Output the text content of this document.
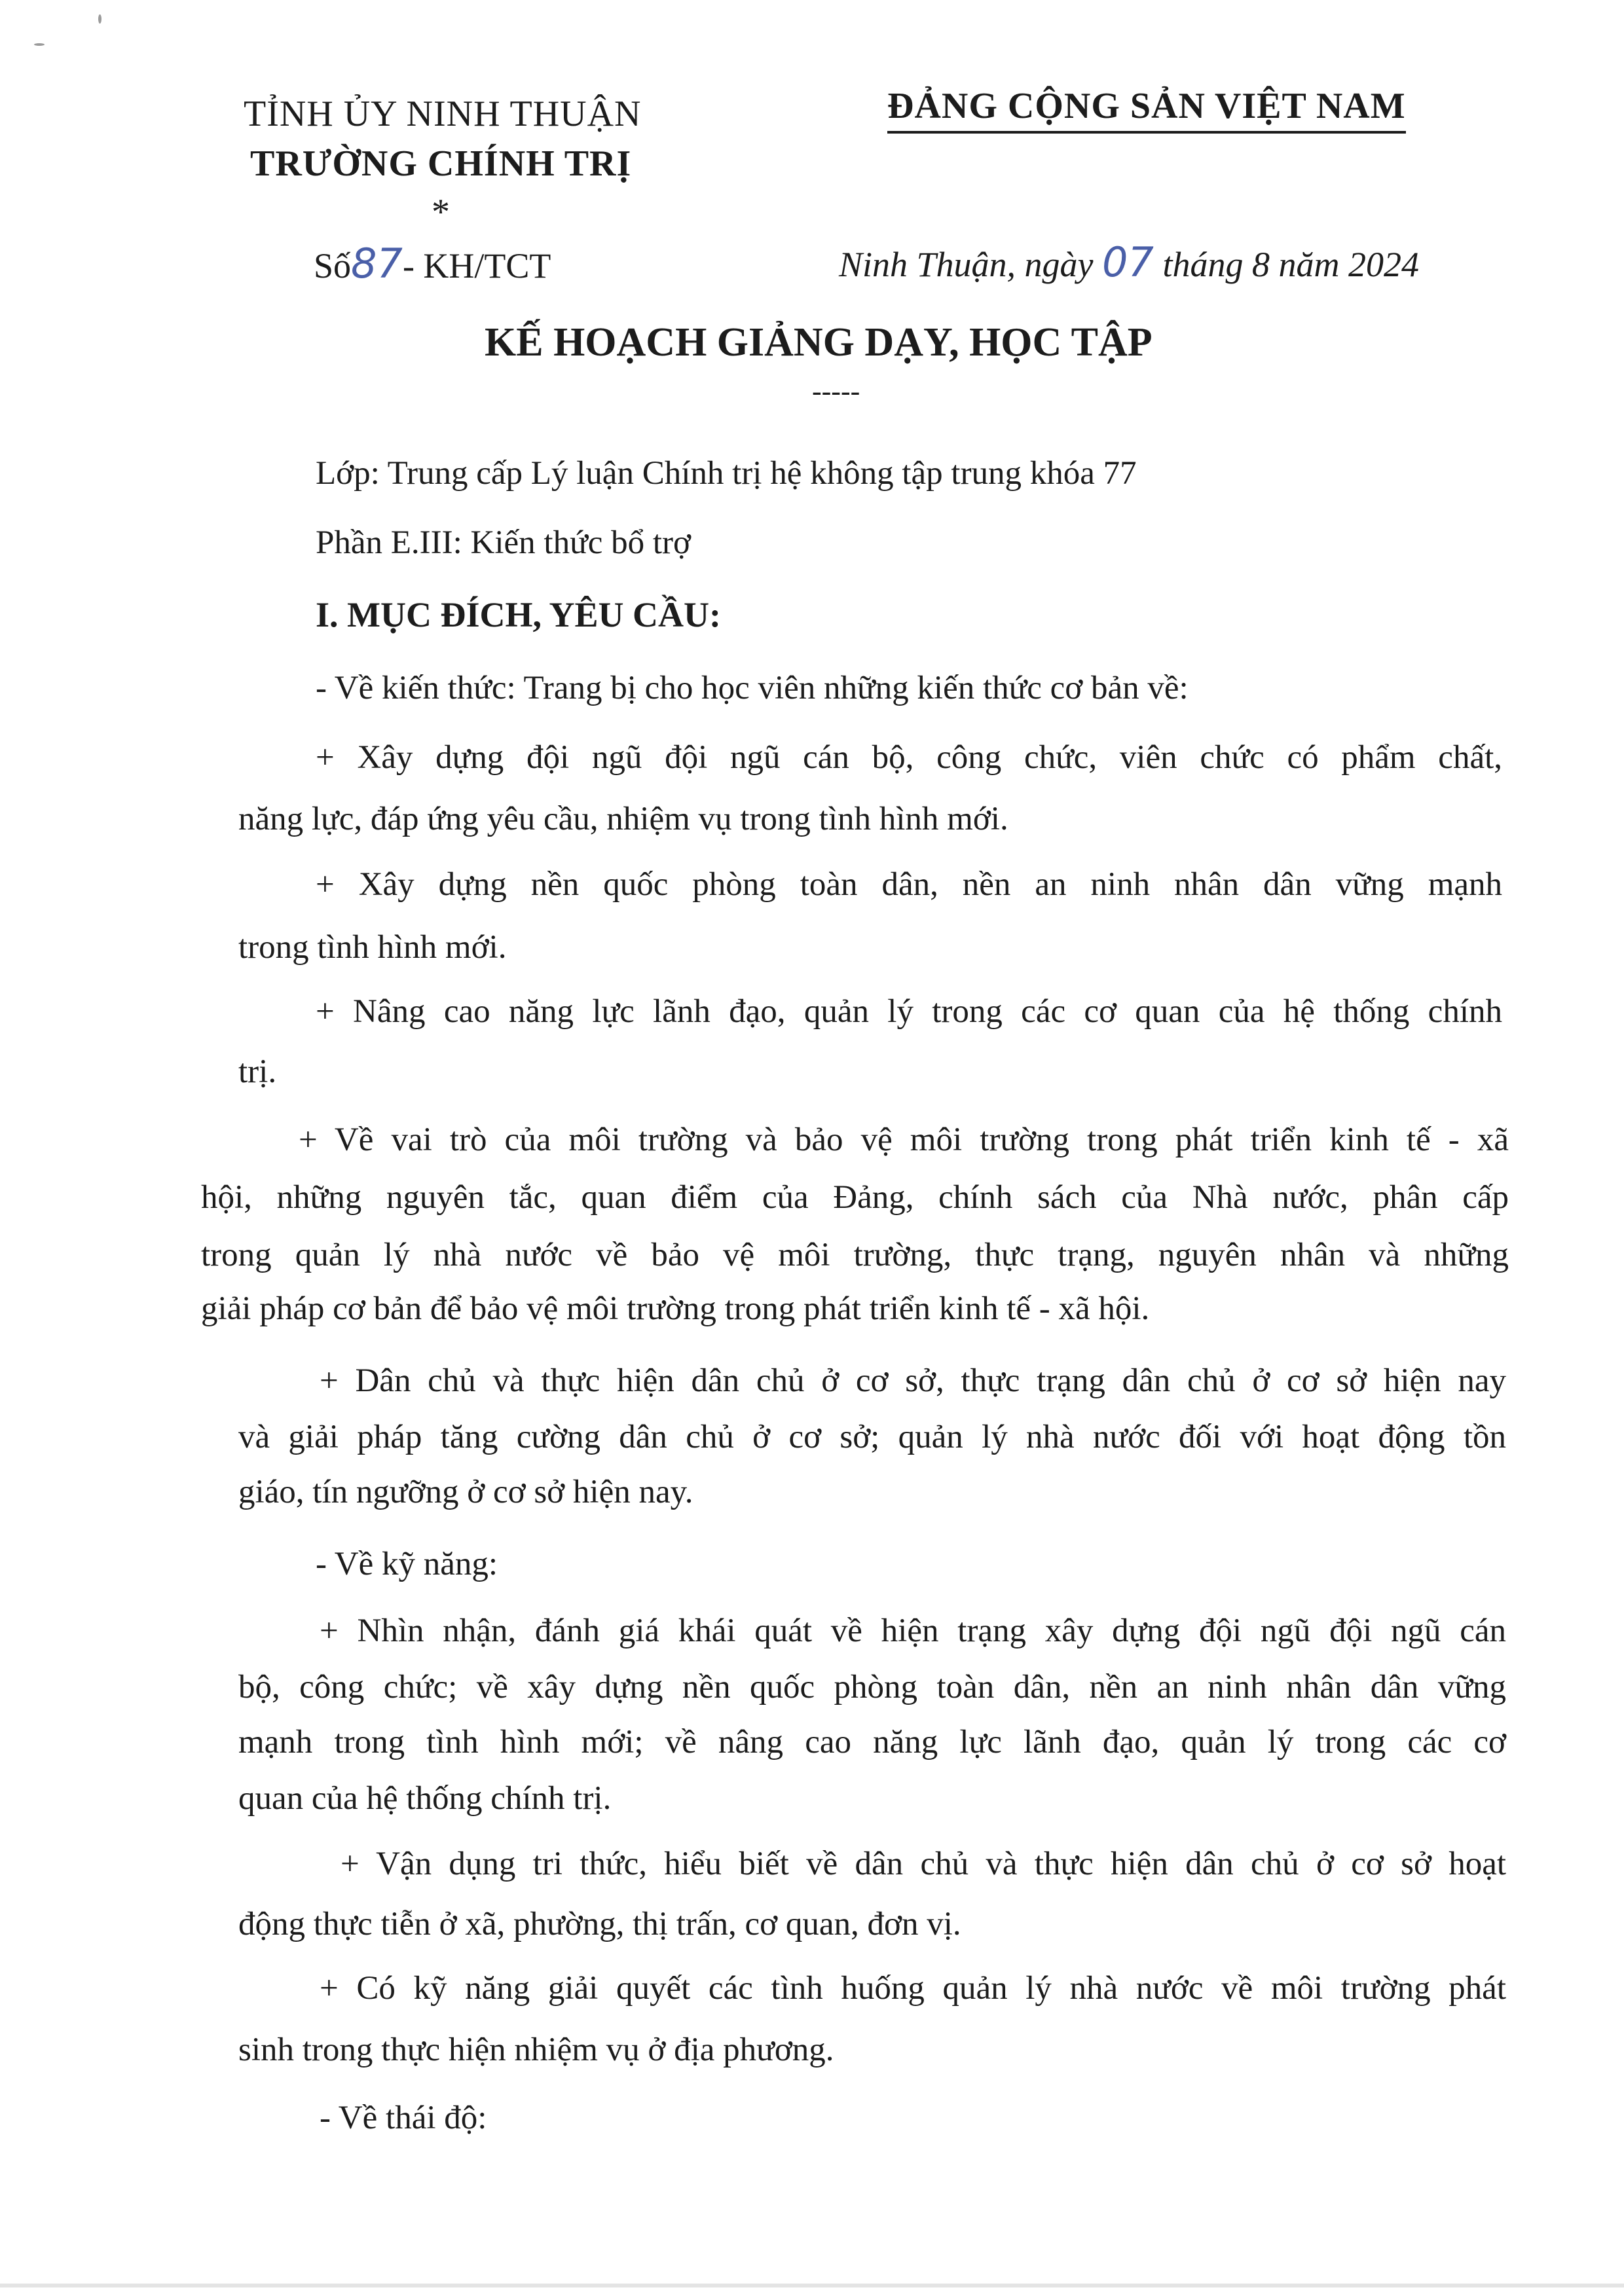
TỈNH ỦY NINH THUẬN
TRƯỜNG CHÍNH TRỊ
*
ĐẢNG CỘNG SẢN VIỆT NAM
Số87- KH/TCT	Ninh Thuận, ngày 07 tháng 8 năm 2024
KẾ HOẠCH GIẢNG DẠY, HỌC TẬP
-----
Lớp: Trung cấp Lý luận Chính trị hệ không tập trung khóa 77
Phần E.III: Kiến thức bổ trợ
I. MỤC ĐÍCH, YÊU CẦU:
- Về kiến thức: Trang bị cho học viên những kiến thức cơ bản về:
+ Xây dựng đội ngũ đội ngũ cán bộ, công chức, viên chức có phẩm chất,
năng lực, đáp ứng yêu cầu, nhiệm vụ trong tình hình mới.
+ Xây dựng nền quốc phòng toàn dân, nền an ninh nhân dân vững mạnh
trong tình hình mới.
+ Nâng cao năng lực lãnh đạo, quản lý trong các cơ quan của hệ thống chính
trị.
+ Về vai trò của môi trường và bảo vệ môi trường trong phát triển kinh tế - xã
hội, những nguyên tắc, quan điểm của Đảng, chính sách của Nhà nước, phân cấp
trong quản lý nhà nước về bảo vệ môi trường, thực trạng, nguyên nhân và những
giải pháp cơ bản để bảo vệ môi trường trong phát triển kinh tế - xã hội.
+ Dân chủ và thực hiện dân chủ ở cơ sở, thực trạng dân chủ ở cơ sở hiện nay
và giải pháp tăng cường dân chủ ở cơ sở; quản lý nhà nước đối với hoạt động tồn
giáo, tín ngưỡng ở cơ sở hiện nay.
- Về kỹ năng:
+ Nhìn nhận, đánh giá khái quát về hiện trạng xây dựng đội ngũ đội ngũ cán
bộ, công chức; về xây dựng nền quốc phòng toàn dân, nền an ninh nhân dân vững
mạnh trong tình hình mới; về nâng cao năng lực lãnh đạo, quản lý trong các cơ
quan của hệ thống chính trị.
+ Vận dụng tri thức, hiểu biết về dân chủ và thực hiện dân chủ ở cơ sở hoạt
động thực tiễn ở xã, phường, thị trấn, cơ quan, đơn vị.
+ Có kỹ năng giải quyết các tình huống quản lý nhà nước về môi trường phát
sinh trong thực hiện nhiệm vụ ở địa phương.
- Về thái độ:
